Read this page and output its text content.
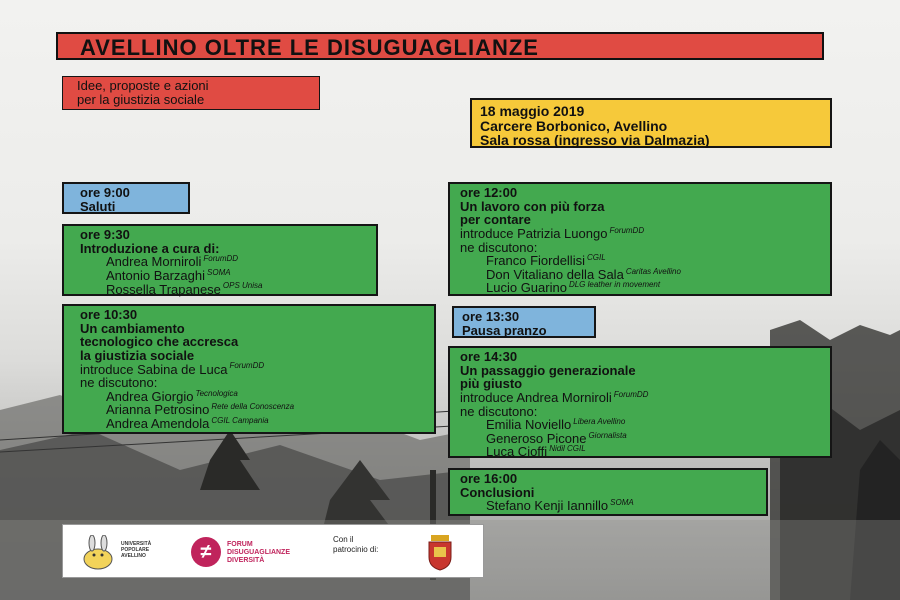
AVELLINO OLTRE LE DISUGUAGLIANZE
Idee, proposte e azioni
per la giustizia sociale
18 maggio 2019
Carcere Borbonico, Avellino
Sala rossa (ingresso via Dalmazia)
ore 9:00
Saluti
ore 9:30
Introduzione a cura di:
Andrea Morniroli $^{ForumDD}$
Antonio Barzaghi $^{SOMA}$
Rossella Trapanese $^{OPS Unisa}$
ore 10:30
Un cambiamento
tecnologico che accresca
la giustizia sociale
introduce Sabina de Luca $^{ForumDD}$
ne discutono:
Andrea Giorgio $^{Tecnologica}$
Arianna Petrosino $^{Rete della Conoscenza}$
Andrea Amendola $^{CGIL Campania}$
ore 12:00
Un lavoro con più forza
per contare
introduce Patrizia Luongo $^{ForumDD}$
ne discutono:
Franco Fiordellisi $^{CGIL}$
Don Vitaliano della Sala $^{Caritas Avellino}$
Lucio Guarino $^{DLG leather in movement}$
ore 13:30
Pausa pranzo
ore 14:30
Un passaggio generazionale
più giusto
introduce Andrea Morniroli $^{ForumDD}$
ne discutono:
Emilia Noviello $^{Libera Avellino}$
Generoso Picone $^{Giornalista}$
Luca Cioffi $^{Nidil CGIL}$
ore 16:00
Conclusioni
Stefano Kenji Iannillo $^{SOMA}$
UNIVERSITÀ POPOLARE AVELLINO	≠	FORUM
DISUGUAGLIANZE
DIVERSITÀ
Con il
patrocinio di:
